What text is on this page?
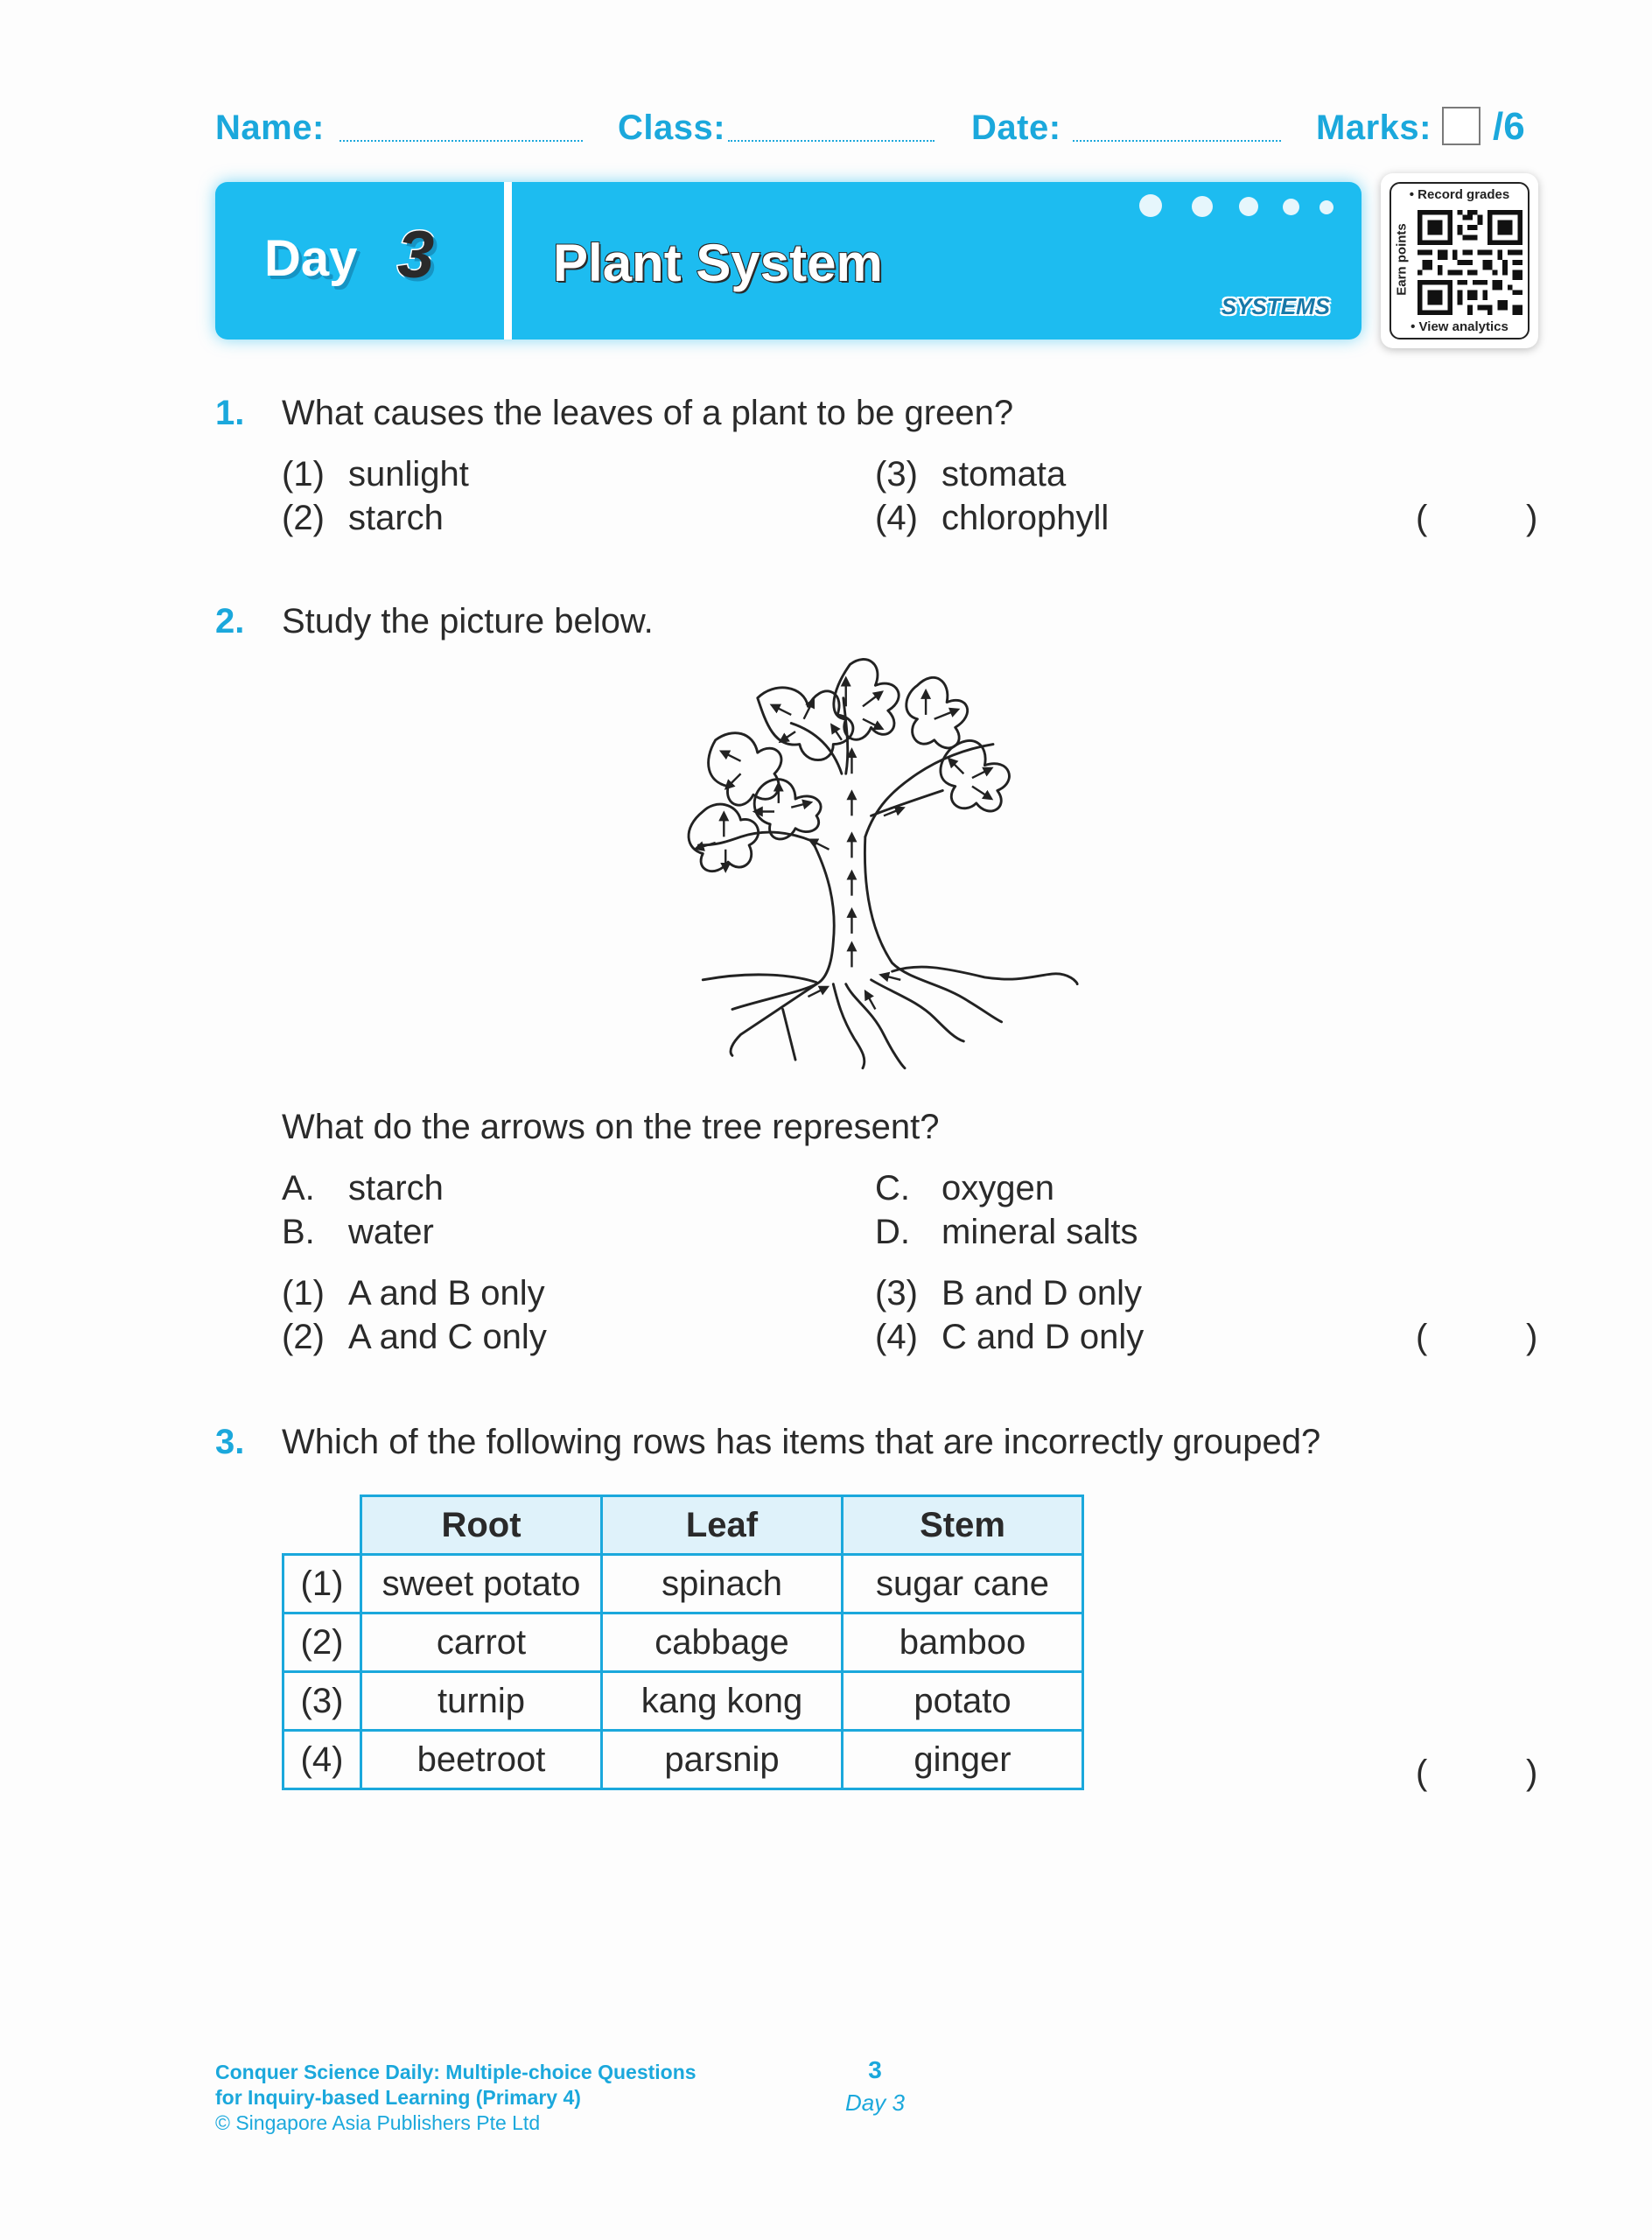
Name:	Class:	Date:	Marks: /6
Day 3 Plant System
SYSTEMS
• Record grades
Earn points
• View analytics
1. What causes the leaves of a plant to be green?
(1) sunlight
(2) starch
(3) stomata
(4) chlorophyll	(	)
2. Study the picture below.
What do the arrows on the tree represent?
A. starch
B. water
C. oxygen
D. mineral salts
(1) A and B only
(2) A and C only
(3) B and D only
(4) C and D only	(	)
3. Which of the following rows has items that are incorrectly grouped?
	Root	Leaf	Stem
(1)	sweet potato	spinach	sugar cane
(2)	carrot	cabbage	bamboo
(3)	turnip	kang kong	potato
(4)	beetroot	parsnip	ginger	(	)
Conquer Science Daily: Multiple-choice Questions
for Inquiry-based Learning (Primary 4)
© Singapore Asia Publishers Pte Ltd
3
Day 3
